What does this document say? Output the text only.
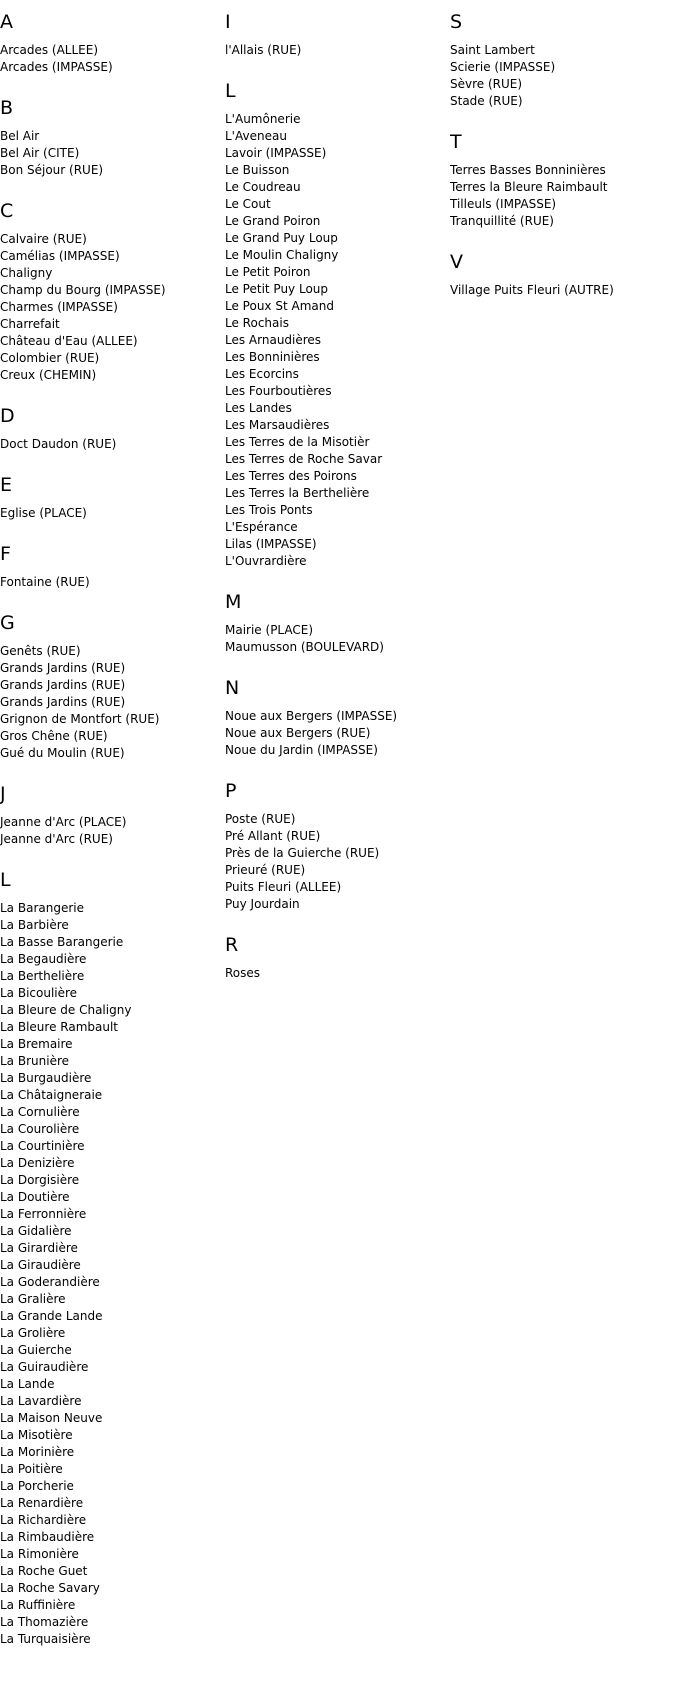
A
Arcades (ALLEE)
Arcades (IMPASSE)
B
Bel Air
Bel Air (CITE)
Bon Séjour (RUE)
C
Calvaire (RUE)
Camélias (IMPASSE)
Chaligny
Champ du Bourg (IMPASSE)
Charmes (IMPASSE)
Charrefait
Château d'Eau (ALLEE)
Colombier (RUE)
Creux (CHEMIN)
D
Doct Daudon (RUE)
E
Eglise (PLACE)
F
Fontaine (RUE)
G
Genêts (RUE)
Grands Jardins (RUE)
Grands Jardins (RUE)
Grands Jardins (RUE)
Grignon de Montfort (RUE)
Gros Chêne (RUE)
Gué du Moulin (RUE)
J
Jeanne d'Arc (PLACE)
Jeanne d'Arc (RUE)
L
La Barangerie
La Barbière
La Basse Barangerie
La Begaudière
La Berthelière
La Bicoulière
La Bleure de Chaligny
La Bleure Rambault
La Bremaire
La Brunière
La Burgaudière
La Châtaigneraie
La Cornulière
La Courolière
La Courtinière
La Denizière
La Dorgisière
La Doutière
La Ferronnière
La Gidalière
La Girardière
La Giraudière
La Goderandière
La Gralière
La Grande Lande
La Grolière
La Guierche
La Guiraudière
La Lande
La Lavardière
La Maison Neuve
La Misotière
La Morinière
La Poitière
La Porcherie
La Renardière
La Richardière
La Rimbaudière
La Rimonière
La Roche Guet
La Roche Savary
La Ruffinière
La Thomazière
La Turquaisière
I
l'Allais (RUE)
L
L'Aumônerie
L'Aveneau
Lavoir (IMPASSE)
Le Buisson
Le Coudreau
Le Cout
Le Grand Poiron
Le Grand Puy Loup
Le Moulin Chaligny
Le Petit Poiron
Le Petit Puy Loup
Le Poux St Amand
Le Rochais
Les Arnaudières
Les Bonninières
Les Ecorcins
Les Fourboutières
Les Landes
Les Marsaudières
Les Terres de la Misotièr
Les Terres de Roche Savar
Les Terres des Poirons
Les Terres la Berthelière
Les Trois Ponts
L'Espérance
Lilas (IMPASSE)
L'Ouvrardière
M
Mairie (PLACE)
Maumusson (BOULEVARD)
N
Noue aux Bergers (IMPASSE)
Noue aux Bergers (RUE)
Noue du Jardin (IMPASSE)
P
Poste (RUE)
Pré Allant (RUE)
Près de la Guierche (RUE)
Prieuré (RUE)
Puits Fleuri (ALLEE)
Puy Jourdain
R
Roses
S
Saint Lambert
Scierie (IMPASSE)
Sèvre (RUE)
Stade (RUE)
T
Terres Basses Bonninières
Terres la Bleure Raimbault
Tilleuls (IMPASSE)
Tranquillité (RUE)
V
Village Puits Fleuri (AUTRE)
